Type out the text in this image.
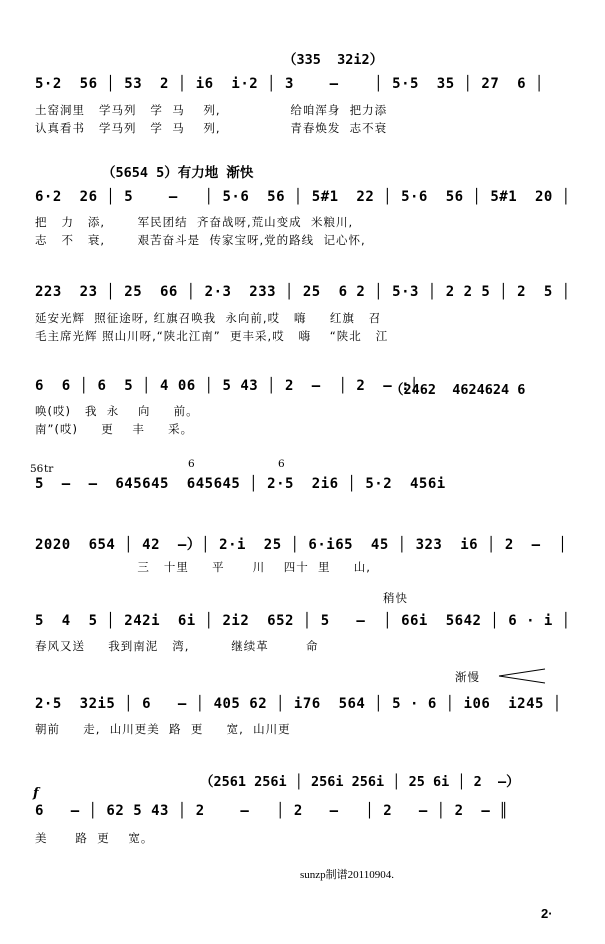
（335  32i2）
5·2  56 │ 53  2 │ i6  i·2 │ 3    –    │ 5·5  35 │ 27  6 │
土窑洞里   学马列   学  马    列,               给咱浑身  把力添
认真看书   学马列   学  马    列,               青春焕发  志不衰
（5654 5）有力地 渐快
6·2  26 │ 5    –   │ 5·6  56 │ 5#1  22 │ 5·6  56 │ 5#1  20 │
把   力   添,       军民团结  齐奋战呀,荒山变成  米粮川,
志   不   衰,       艰苦奋斗是  传家宝呀,党的路线  记心怀,
223  23 │ 25  66 │ 2·3  233 │ 25  6 2 │ 5·3 │ 2 2 5 │ 2  5 │
延安光辉  照征途呀, 红旗召唤我  永向前,哎   嗨     红旗   召
毛主席光辉 照山川呀,“陕北江南”  更丰采,哎   嗨    “陕北   江
（2462  4624624 6
6  6 │ 6  5 │ 4 06 │ 5 43 │ 2  –  │ 2  – :│
唤(哎)   我  永    向     前。
南”(哎)     更    丰     采。
56 tr	6	6
5  –  –  645645  645645 │ 2·5  2i6 │ 5·2  456i
2020  654 │ 42  –）│ 2·i  25 │ 6·i65  45 │ 323  i6 │ 2  –  │
三   十里     平      川    四十  里     山,
稍快
5  4  5 │ 242i  6i │ 2i2  652 │ 5   –  │ 66i  5642 │ 6 · i │
春风又送     我到南泥   湾,         继续革        命
渐慢
2·5  32i5 │ 6   – │ 405 62 │ i76  564 │ 5 · 6 │ i06  i245 │
朝前     走,  山川更美  路  更     宽,  山川更
（2561 256i │ 256i 256i │ 25 6i │ 2  –）
f
6   – │ 62 5 43 │ 2    –   │ 2   –   │ 2   – │ 2  – ║
美      路  更    宽。
sunzp制谱20110904.
2·
